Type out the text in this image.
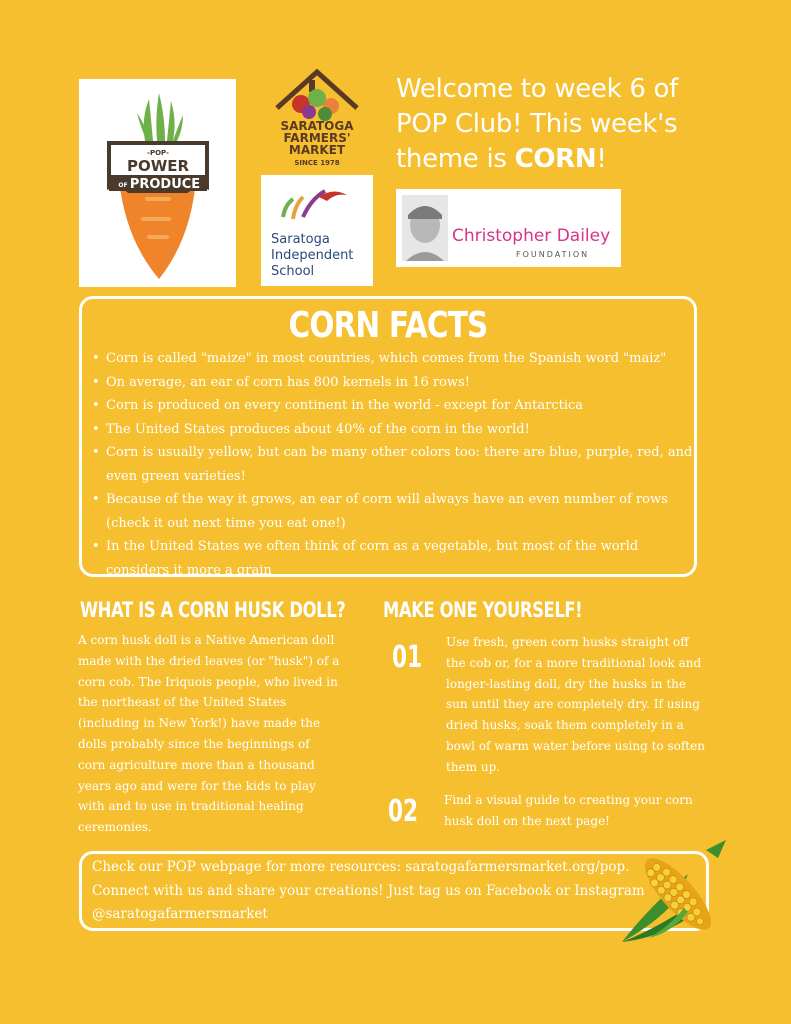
-POP-
POWER
OF PRODUCE
SARATOGA
FARMERS'
MARKET
SINCE 1978
Saratoga
Independent
School
Christopher Dailey
FOUNDATION
Welcome to week 6 of POP Club! This week's theme is CORN!
CORN FACTS
• Corn is called "maize" in most countries, which comes from the Spanish word "maiz"
• On average, an ear of corn has 800 kernels in 16 rows!
• Corn is produced on every continent in the world - except for Antarctica
• The United States produces about 40% of the corn in the world!
• Corn is usually yellow, but can be many other colors too: there are blue, purple, red, and even green varieties!
• Because of the way it grows, an ear of corn will always have an even number of rows (check it out next time you eat one!)
• In the United States we often think of corn as a vegetable, but most of the world considers it more a grain
WHAT IS A CORN HUSK DOLL?
A corn husk doll is a Native American doll made with the dried leaves (or "husk") of a corn cob. The Iriquois people, who lived in the northeast of the United States (including in New York!) have made the dolls probably since the beginnings of corn agriculture more than a thousand years ago and were for the kids to play with and to use in traditional healing ceremonies.
MAKE ONE YOURSELF!
01 Use fresh, green corn husks straight off the cob or, for a more traditional look and longer-lasting doll, dry the husks in the sun until they are completely dry. If using dried husks, soak them completely in a bowl of warm water before using to soften them up.
02 Find a visual guide to creating your corn husk doll on the next page!
Check our POP webpage for more resources: saratogafarmersmarket.org/pop. Connect with us and share your creations! Just tag us on Facebook or Instagram @saratogafarmersmarket
